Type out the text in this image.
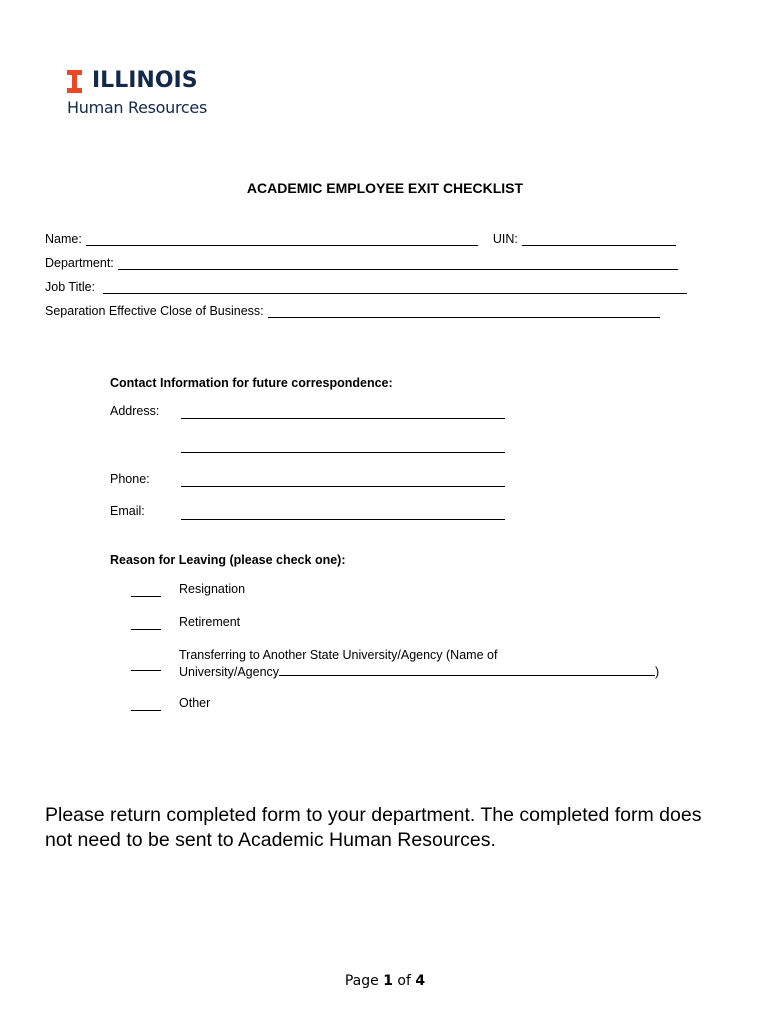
ILLINOIS
Human Resources
ACADEMIC EMPLOYEE EXIT CHECKLIST
Name:	UIN:
Department:
Job Title:
Separation Effective Close of Business:
Contact Information for future correspondence:
Address:
Phone:
Email:
Reason for Leaving (please check one):
Resignation
Retirement
Transferring to Another State University/Agency (Name of
University/Agency	)
Other
Please return completed form to your department. The completed form does not need to be sent to Academic Human Resources.
Page 1 of 4
